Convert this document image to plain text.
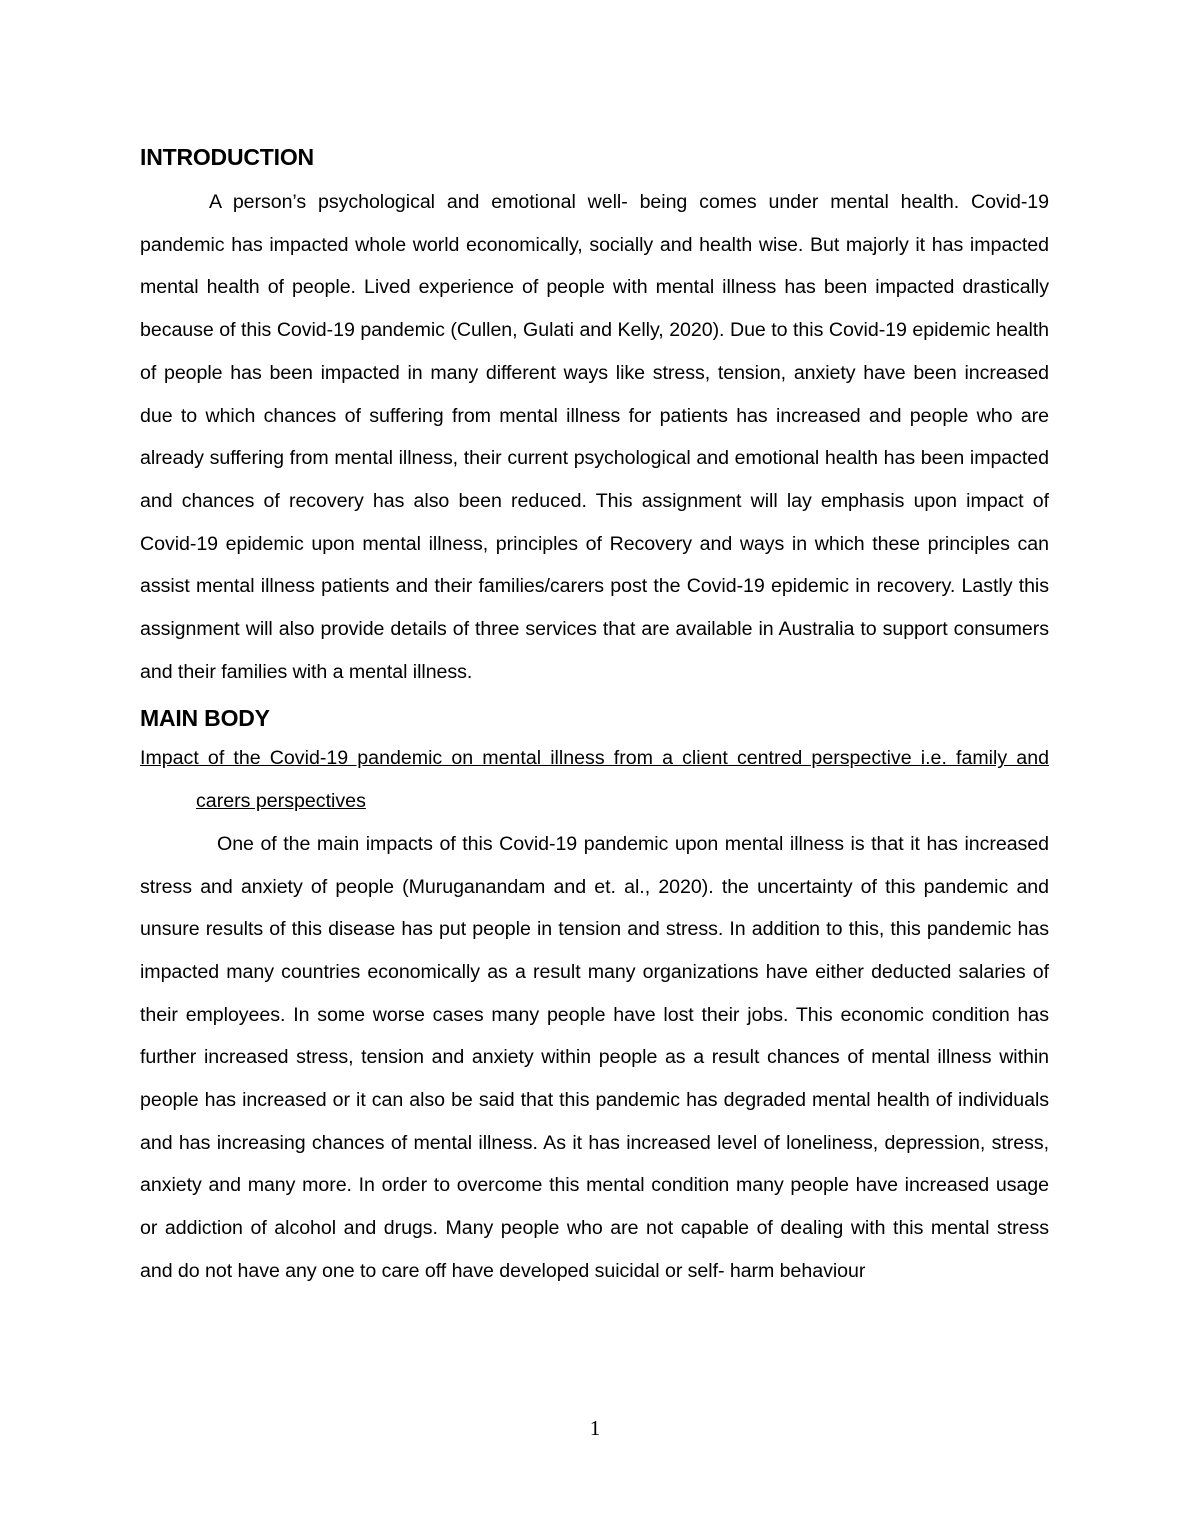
INTRODUCTION

A person’s psychological and emotional well- being comes under mental health. Covid-19 pandemic has impacted whole world economically, socially and health wise. But majorly it has impacted mental health of people. Lived experience of people with mental illness has been impacted drastically because of this Covid-19 pandemic (Cullen, Gulati and Kelly, 2020). Due to this Covid-19 epidemic health of people has been impacted in many different ways like stress, tension, anxiety have been increased due to which chances of suffering from mental illness for patients has increased and people who are already suffering from mental illness, their current psychological and emotional health has been impacted and chances of recovery has also been reduced. This assignment will lay emphasis upon impact of Covid-19 epidemic upon mental illness, principles of Recovery and ways in which these principles can assist mental illness patients and their families/carers post the Covid-19 epidemic in recovery. Lastly this assignment will also provide details of three services that are available in Australia to support consumers and their families with a mental illness.

MAIN BODY

Impact of the Covid-19 pandemic on mental illness from a client centred perspective i.e. family and carers perspectives

One of the main impacts of this Covid-19 pandemic upon mental illness is that it has increased stress and anxiety of people (Muruganandam and et. al., 2020). the uncertainty of this pandemic and unsure results of this disease has put people in tension and stress. In addition to this, this pandemic has impacted many countries economically as a result many organizations have either deducted salaries of their employees. In some worse cases many people have lost their jobs. This economic condition has further increased stress, tension and anxiety within people as a result chances of mental illness within people has increased or it can also be said that this pandemic has degraded mental health of individuals and has increasing chances of mental illness. As it has increased level of loneliness, depression, stress, anxiety and many more. In order to overcome this mental condition many people have increased usage or addiction of alcohol and drugs. Many people who are not capable of dealing with this mental stress and do not have any one to care off have developed suicidal or self- harm behaviour

1
